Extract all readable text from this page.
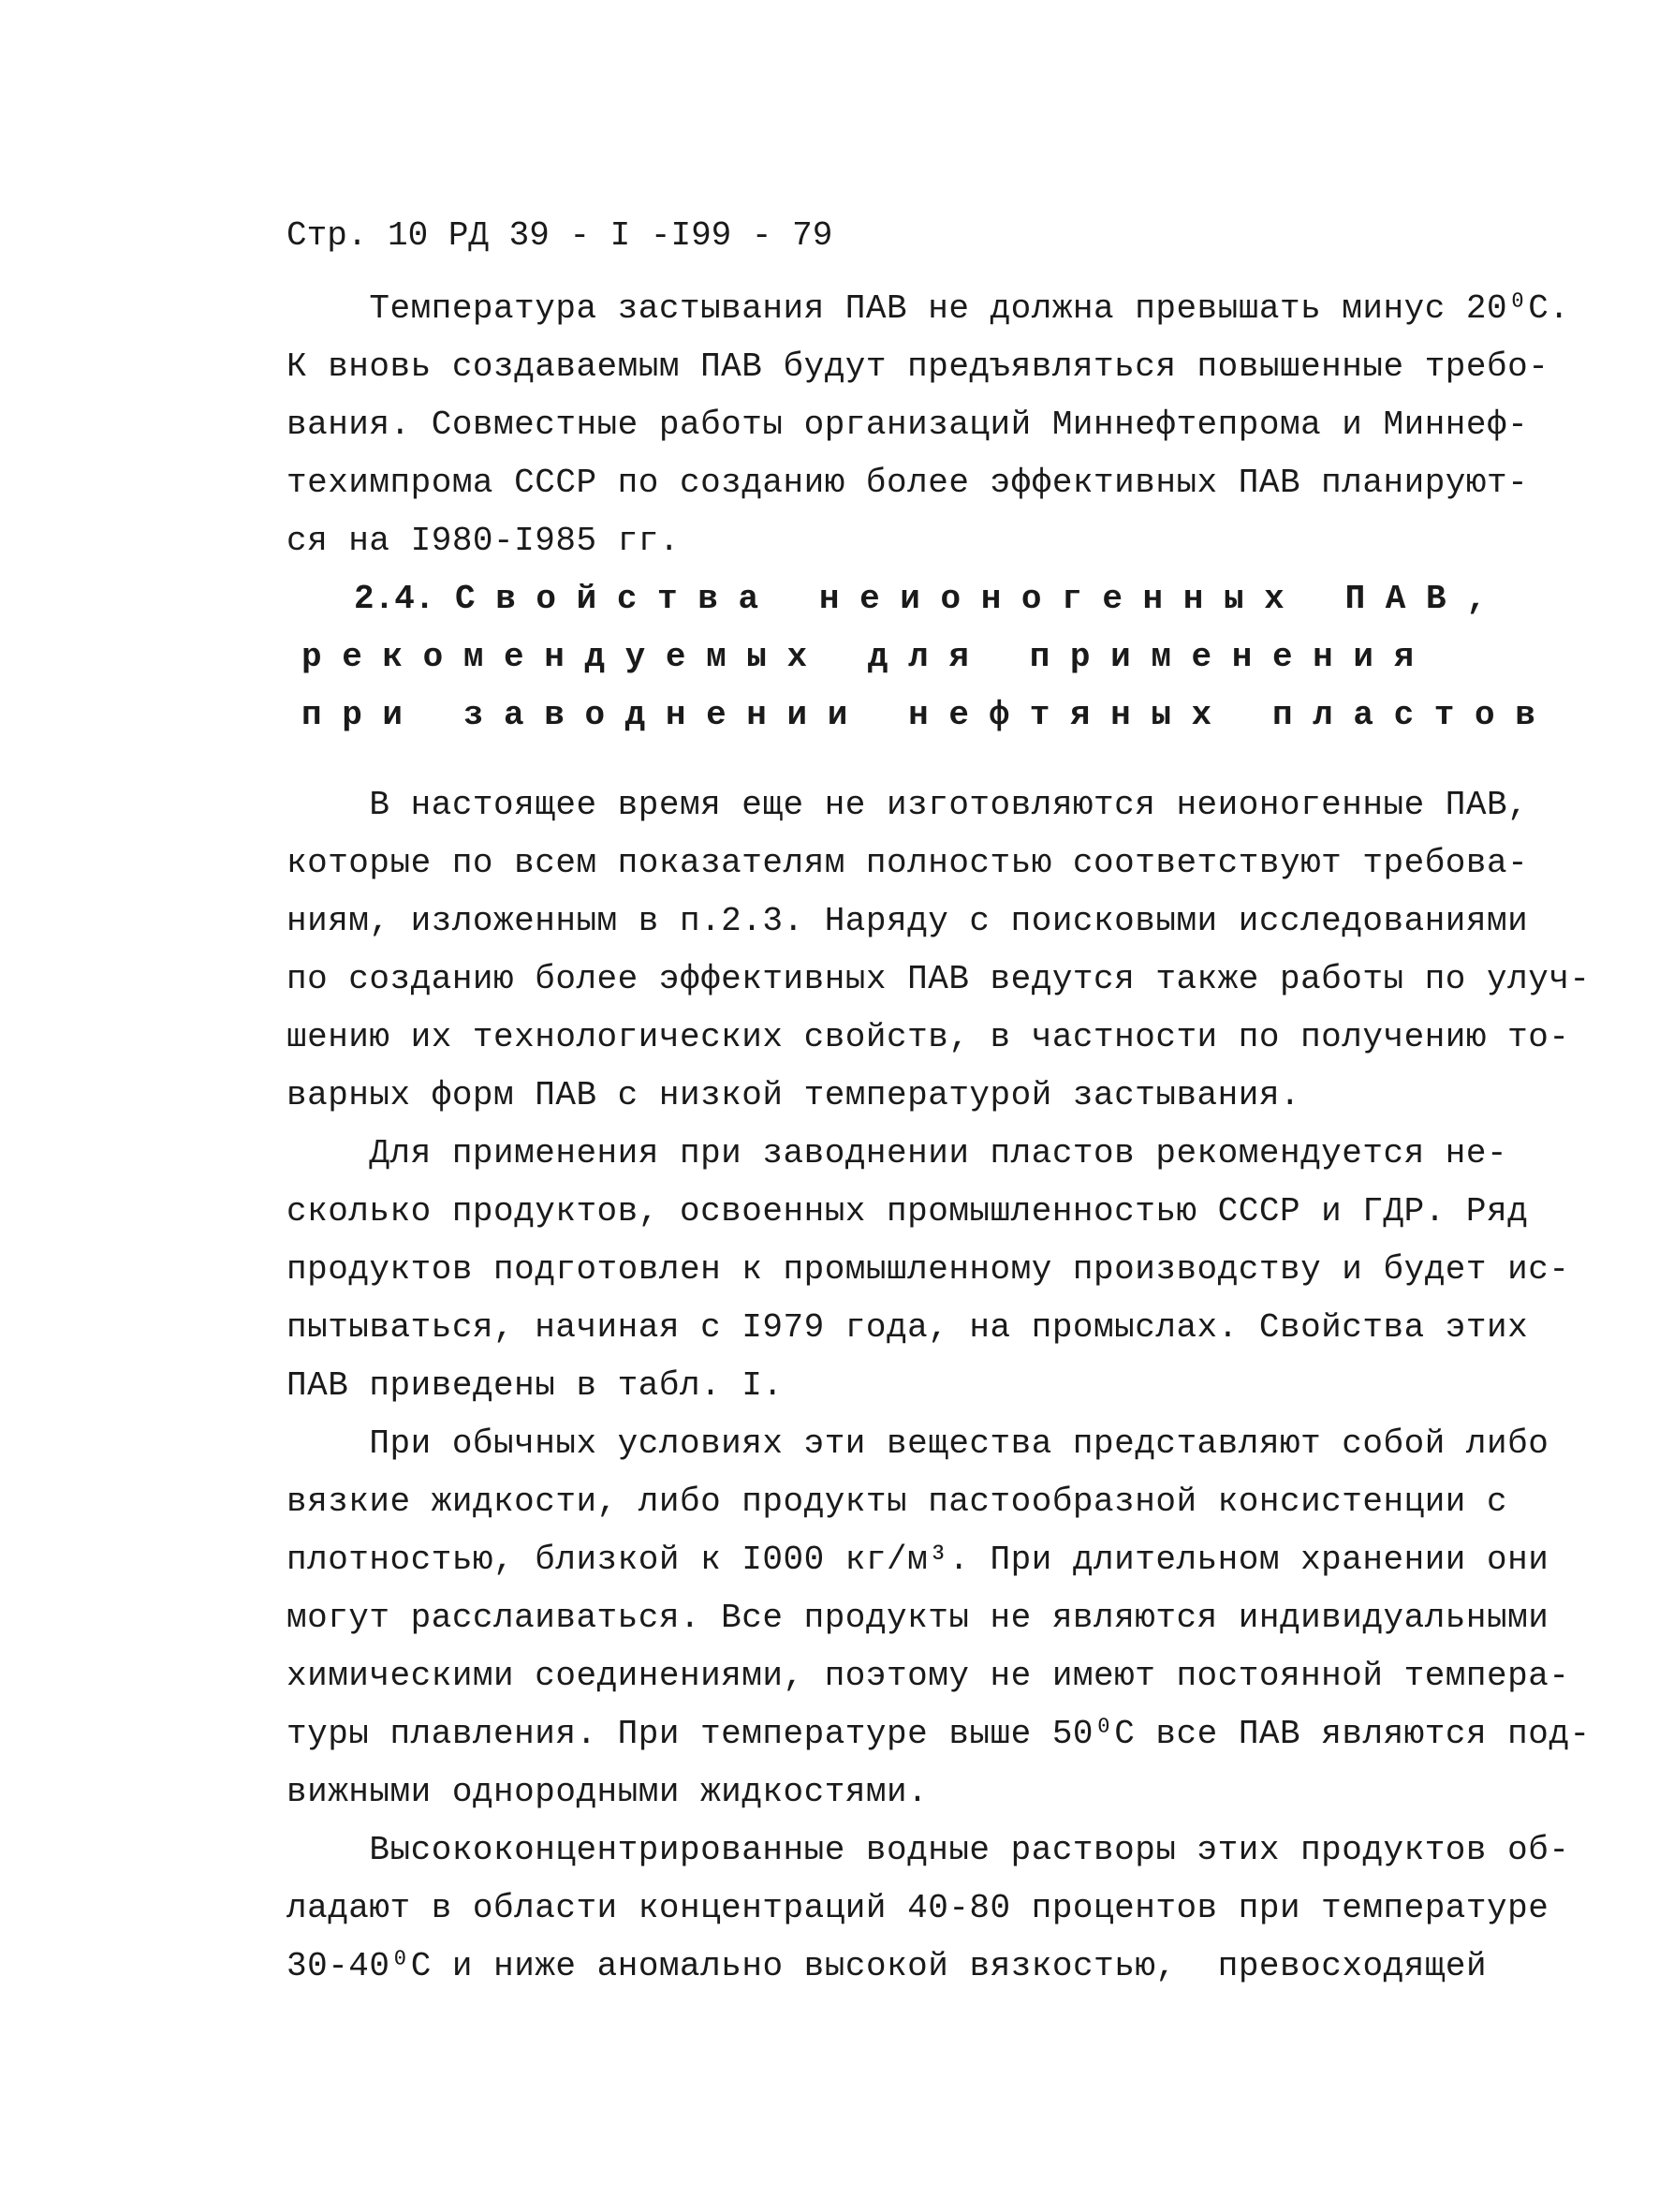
Стр. 10 РД 39 - I -I99 - 79
Температура застывания ПАВ не должна превышать минус 20⁰С.
К вновь создаваемым ПАВ будут предъявляться повышенные требо-
вания. Совместные работы организаций Миннефтепрома и Миннеф-
техимпрома СССР по созданию более эффективных ПАВ планируют-
ся на I980-I985 гг.
2.4. С в о й с т в а   н е и о н о г е н н ы х   П А В ,
р е к о м е н д у е м ы х   д л я   п р и м е н е н и я
п р и   з а в о д н е н и и   н е ф т я н ы х   п л а с т о в
В настоящее время еще не изготовляются неионогенные ПАВ,
которые по всем показателям полностью соответствуют требова-
ниям, изложенным в п.2.3. Наряду с поисковыми исследованиями
по созданию более эффективных ПАВ ведутся также работы по улуч-
шению их технологических свойств, в частности по получению то-
варных форм ПАВ с низкой температурой застывания.
Для применения при заводнении пластов рекомендуется не-
сколько продуктов, освоенных промышленностью СССР и ГДР. Ряд
продуктов подготовлен к промышленному производству и будет ис-
пытываться, начиная с I979 года, на промыслах. Свойства этих
ПАВ приведены в табл. I.
При обычных условиях эти вещества представляют собой либо
вязкие жидкости, либо продукты пастообразной консистенции с
плотностью, близкой к I000 кг/м³. При длительном хранении они
могут расслаиваться. Все продукты не являются индивидуальными
химическими соединениями, поэтому не имеют постоянной темпера-
туры плавления. При температуре выше 50⁰С все ПАВ являются под-
вижными однородными жидкостями.
Высококонцентрированные водные растворы этих продуктов об-
ладают в области концентраций 40-80 процентов при температуре
30-40⁰С и ниже аномально высокой вязкостью,  превосходящей
